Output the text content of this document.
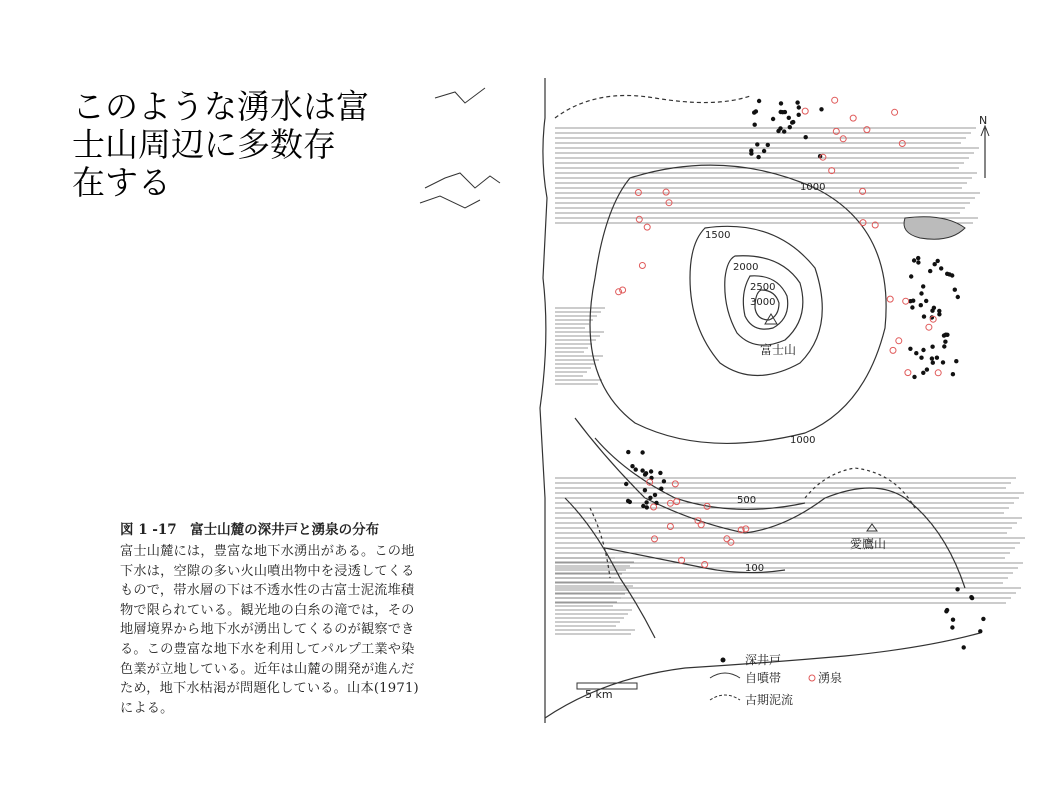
このような湧水は富
士山周辺に多数存
在する
図 1 -17　富士山麓の深井戸と湧泉の分布
富士山麓には，豊富な地下水湧出がある。この地
下水は，空隙の多い火山噴出物中を浸透してくる
もので，帯水層の下は不透水性の古富士泥流堆積
物で限られている。観光地の白糸の滝では，その
地層境界から地下水が湧出してくるのが観察でき
る。この豊富な地下水を利用してパルプ工業や染
色業が立地している。近年は山麓の開発が進んだ
ため，地下水枯渇が問題化している。山本(1971)
による。
富士山
愛鷹山
1500
2000
2500
3000
1000
1000
500
100
N
5 km
深井戸
自噴帯	湧泉
古期泥流
